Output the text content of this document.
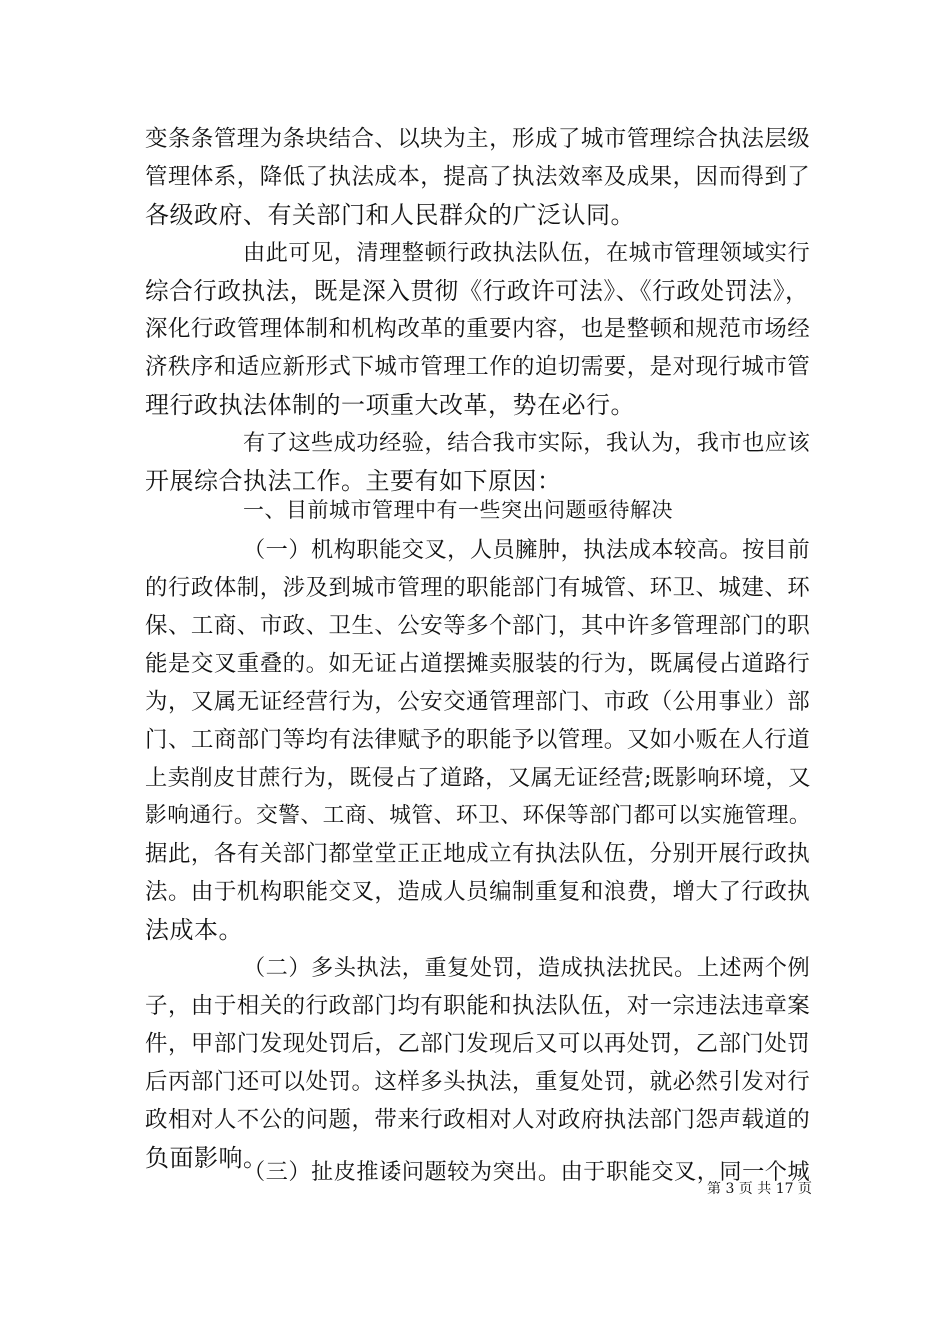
变条条管理为条块结合、以块为主，形成了城市管理综合执法层级
管理体系，降低了执法成本，提高了执法效率及成果，因而得到了
各级政府、有关部门和人民群众的广泛认同。
由此可见，清理整顿行政执法队伍，在城市管理领域实行
综合行政执法，既是深入贯彻《行政许可法》、《行政处罚法》，
深化行政管理体制和机构改革的重要内容，也是整顿和规范市场经
济秩序和适应新形式下城市管理工作的迫切需要，是对现行城市管
理行政执法体制的一项重大改革，势在必行。
有了这些成功经验，结合我市实际，我认为，我市也应该
开展综合执法工作。主要有如下原因：
一、目前城市管理中有一些突出问题亟待解决
（一）机构职能交叉，人员臃肿，执法成本较高。按目前
的行政体制，涉及到城市管理的职能部门有城管、环卫、城建、环
保、工商、市政、卫生、公安等多个部门，其中许多管理部门的职
能是交叉重叠的。如无证占道摆摊卖服装的行为，既属侵占道路行
为，又属无证经营行为，公安交通管理部门、市政（公用事业）部
门、工商部门等均有法律赋予的职能予以管理。又如小贩在人行道
上卖削皮甘蔗行为，既侵占了道路，又属无证经营;既影响环境，又
影响通行。交警、工商、城管、环卫、环保等部门都可以实施管理。
据此，各有关部门都堂堂正正地成立有执法队伍，分别开展行政执
法。由于机构职能交叉，造成人员编制重复和浪费，增大了行政执
法成本。
（二）多头执法，重复处罚，造成执法扰民。上述两个例
子，由于相关的行政部门均有职能和执法队伍，对一宗违法违章案
件，甲部门发现处罚后，乙部门发现后又可以再处罚，乙部门处罚
后丙部门还可以处罚。这样多头执法，重复处罚，就必然引发对行
政相对人不公的问题，带来行政相对人对政府执法部门怨声载道的
负面影响。
（三）扯皮推诿问题较为突出。由于职能交叉，同一个城
第 3 页 共 17 页
